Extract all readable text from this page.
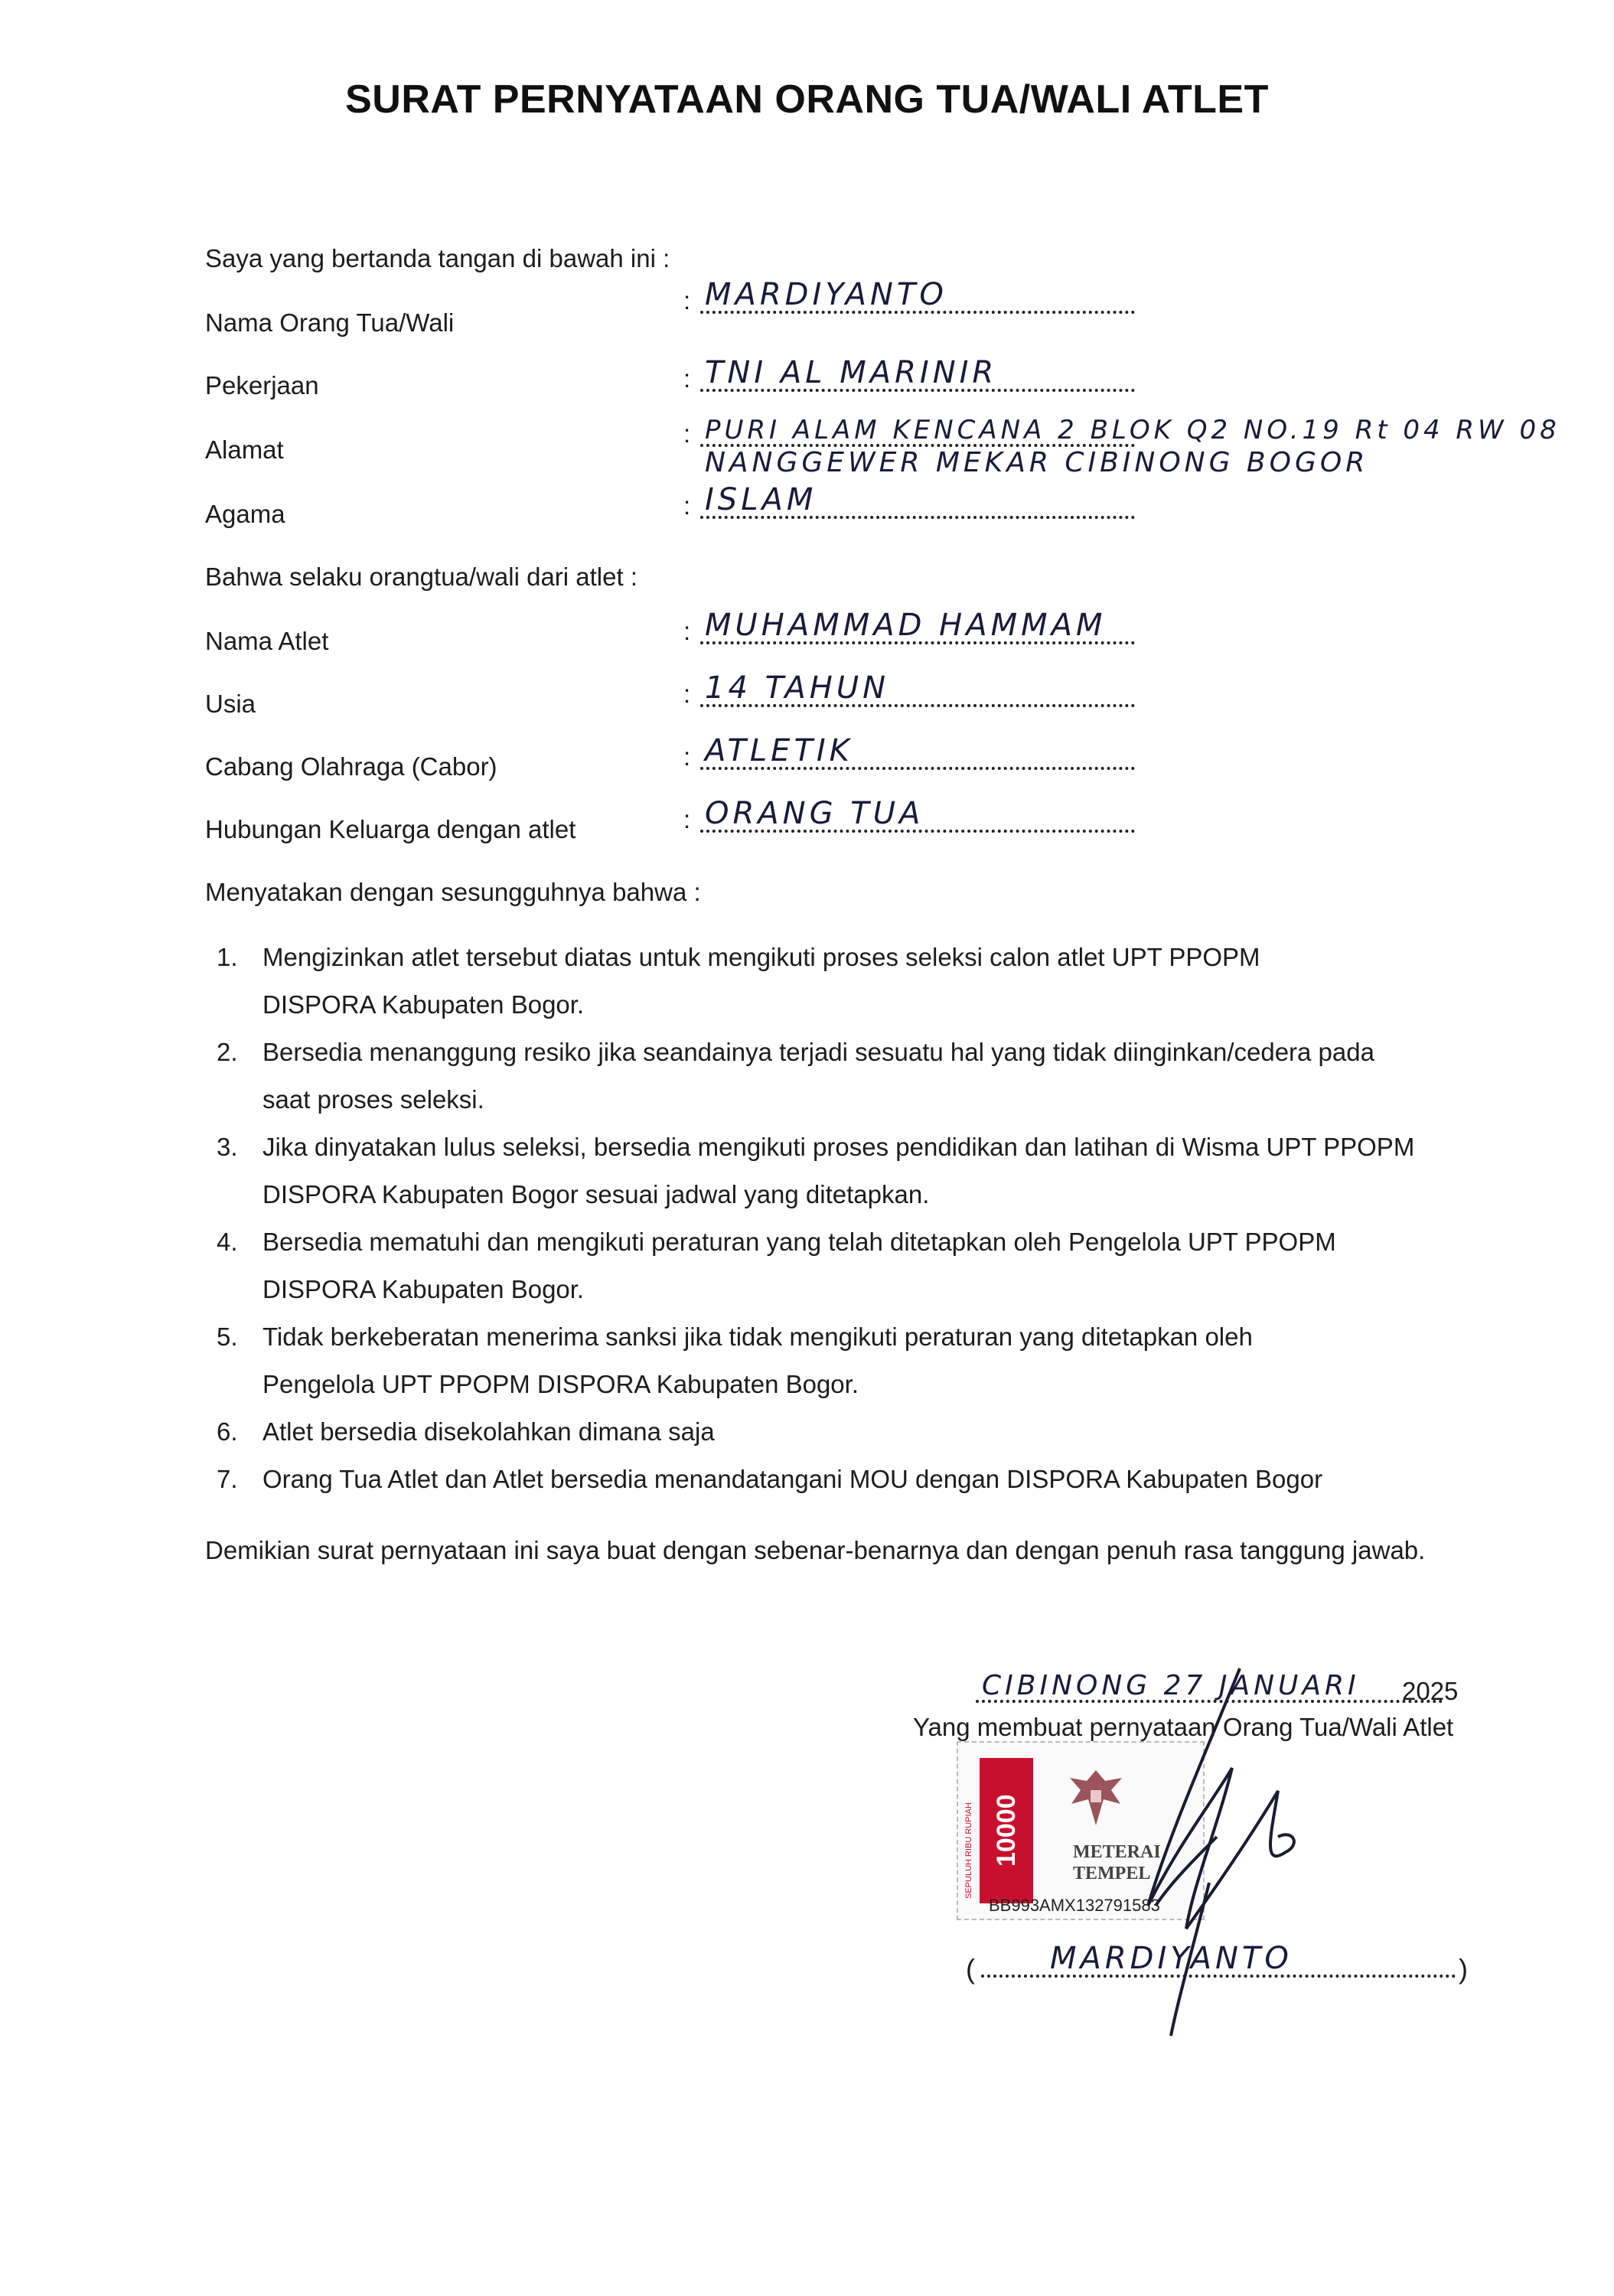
SURAT PERNYATAAN ORANG TUA/WALI ATLET
Saya yang bertanda tangan di bawah ini :
Nama Orang Tua/Wali
: MARDIYANTO
Pekerjaan	: TNI AL MARINIR
Alamat
: PURI ALAM KENCANA 2 BLOK Q2 NO.19 Rt 04 RW 08
NANGGEWER MEKAR CIBINONG BOGOR
Agama	: ISLAM
Bahwa selaku orangtua/wali dari atlet :
Nama Atlet	: MUHAMMAD HAMMAM
Usia	: 14 TAHUN
Cabang Olahraga (Cabor)	: ATLETIK
Hubungan Keluarga dengan atlet	: ORANG TUA
Menyatakan dengan sesungguhnya bahwa :
1. Mengizinkan atlet tersebut diatas untuk mengikuti proses seleksi calon atlet UPT PPOPM
DISPORA Kabupaten Bogor.
2. Bersedia menanggung resiko jika seandainya terjadi sesuatu hal yang tidak diinginkan/cedera pada
saat proses seleksi.
3. Jika dinyatakan lulus seleksi, bersedia mengikuti proses pendidikan dan latihan di Wisma UPT PPOPM
DISPORA Kabupaten Bogor sesuai jadwal yang ditetapkan.
4. Bersedia mematuhi dan mengikuti peraturan yang telah ditetapkan oleh Pengelola UPT PPOPM
DISPORA Kabupaten Bogor.
5. Tidak berkeberatan menerima sanksi jika tidak mengikuti peraturan yang ditetapkan oleh
Pengelola UPT PPOPM DISPORA Kabupaten Bogor.
6. Atlet bersedia disekolahkan dimana saja
7. Orang Tua Atlet dan Atlet bersedia menandatangani MOU dengan DISPORA Kabupaten Bogor
Demikian surat pernyataan ini saya buat dengan sebenar-benarnya dan dengan penuh rasa tanggung jawab.
CIBINONG 27 JANUARI 2025
Yang membuat pernyataan Orang Tua/Wali Atlet
SEPULUH RIBU RUPIAH 10000	METERAI
TEMPEL
BB993AMX132791583
( MARDIYANTO	)
